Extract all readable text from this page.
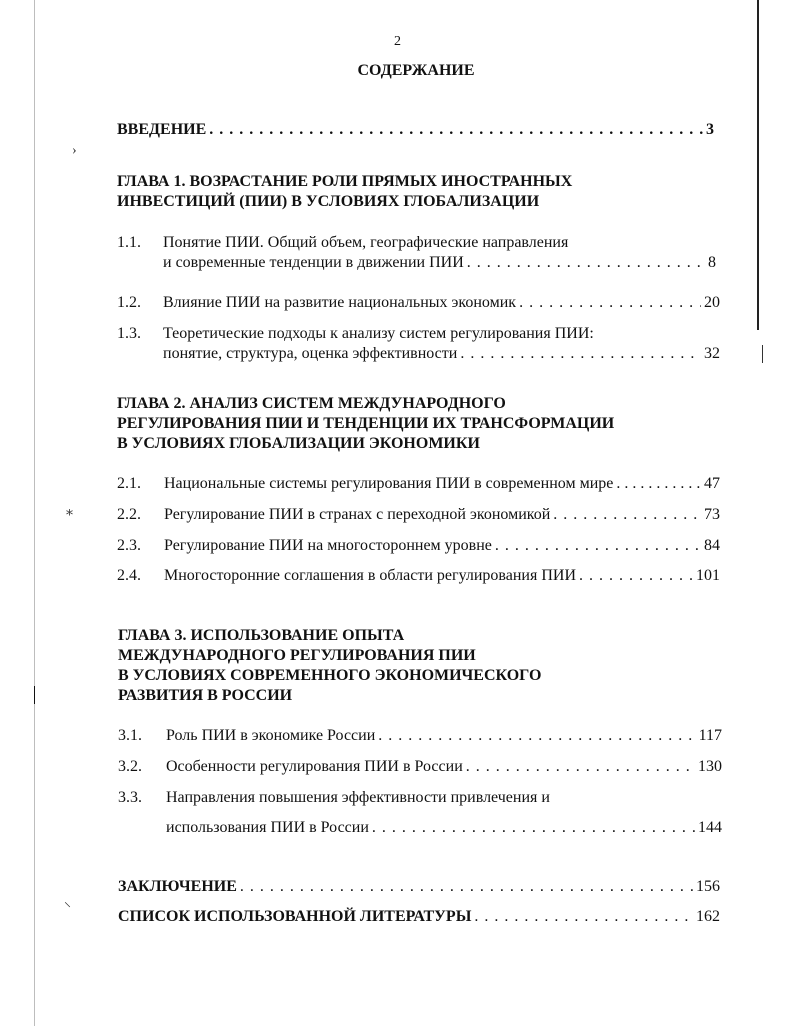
›
⁎
⸌
2
СОДЕРЖАНИЕ
ВВЕДЕНИЕ . . .	3
ГЛАВА 1. ВОЗРАСТАНИЕ РОЛИ ПРЯМЫХ ИНОСТРАННЫХ
ИНВЕСТИЦИЙ (ПИИ) В УСЛОВИЯХ ГЛОБАЛИЗАЦИИ
1.1. Понятие ПИИ. Общий объем, географические направления
и современные тенденции в движении ПИИ . . .	8
1.2. Влияние ПИИ на развитие национальных экономик . . .	20
1.3. Теоретические подходы к анализу систем регулирования ПИИ:
понятие, структура, оценка эффективности . . .	32
ГЛАВА 2. АНАЛИЗ СИСТЕМ МЕЖДУНАРОДНОГО
РЕГУЛИРОВАНИЯ ПИИ И ТЕНДЕНЦИИ ИХ ТРАНСФОРМАЦИИ
В УСЛОВИЯХ ГЛОБАЛИЗАЦИИ ЭКОНОМИКИ
2.1. Национальные системы регулирования ПИИ в современном мире . . .	47
2.2. Регулирование ПИИ в странах с переходной экономикой . . .	73
2.3. Регулирование ПИИ на многостороннем уровне . . .	84
2.4. Многосторонние соглашения в области регулирования ПИИ . . .	101
ГЛАВА 3. ИСПОЛЬЗОВАНИЕ ОПЫТА
МЕЖДУНАРОДНОГО РЕГУЛИРОВАНИЯ ПИИ
В УСЛОВИЯХ СОВРЕМЕННОГО ЭКОНОМИЧЕСКОГО
РАЗВИТИЯ В РОССИИ
3.1. Роль ПИИ в экономике России . . .	117
3.2. Особенности регулирования ПИИ в России . . .	130
3.3. Направления повышения эффективности привлечения и
использования ПИИ в России . . .	144
ЗАКЛЮЧЕНИЕ . . .	156
СПИСОК ИСПОЛЬЗОВАННОЙ ЛИТЕРАТУРЫ . . .	162
